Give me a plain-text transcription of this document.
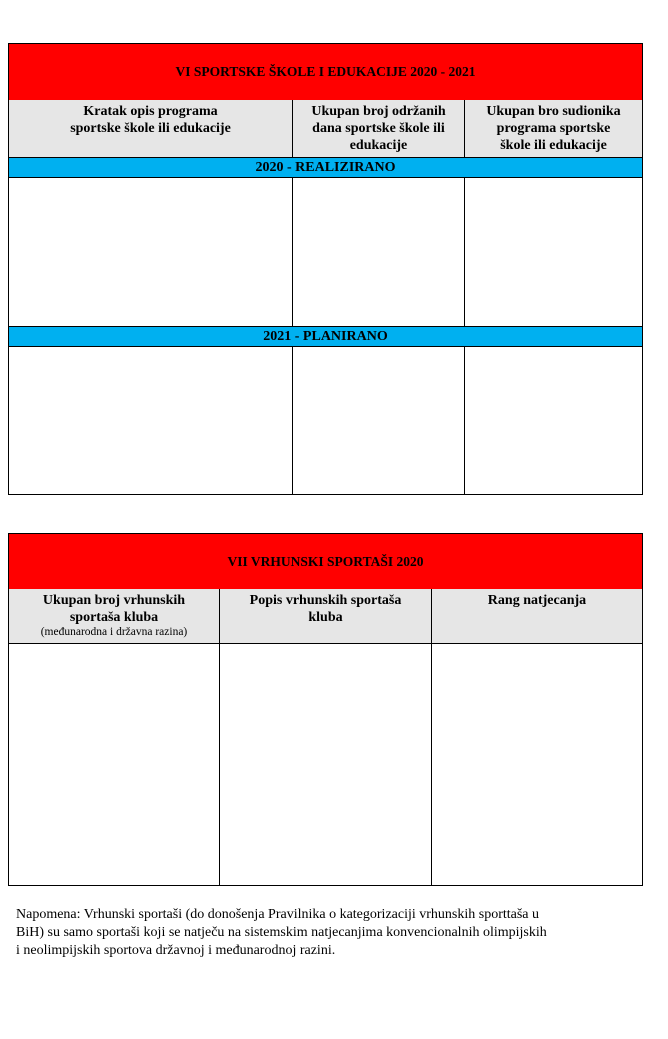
VI SPORTSKE ŠKOLE I EDUKACIJE 2020 - 2021
Kratak opis programa
sportske škole ili edukacije
Ukupan broj održanih
dana sportske škole ili
edukacije
Ukupan bro sudionika
programa sportske
škole ili edukacije
2020 - REALIZIRANO
2021 - PLANIRANO
VII VRHUNSKI SPORTAŠI 2020
Ukupan broj vrhunskih
sportaša kluba
(međunarodna i državna razina)
Popis vrhunskih sportaša
kluba
Rang natjecanja
Napomena: Vrhunski sportaši (do donošenja Pravilnika o kategorizaciji vrhunskih sporttaša u
BiH) su samo sportaši koji se natječu na sistemskim natjecanjima konvencionalnih olimpijskih
i neolimpijskih sportova državnoj i međunarodnoj razini.
